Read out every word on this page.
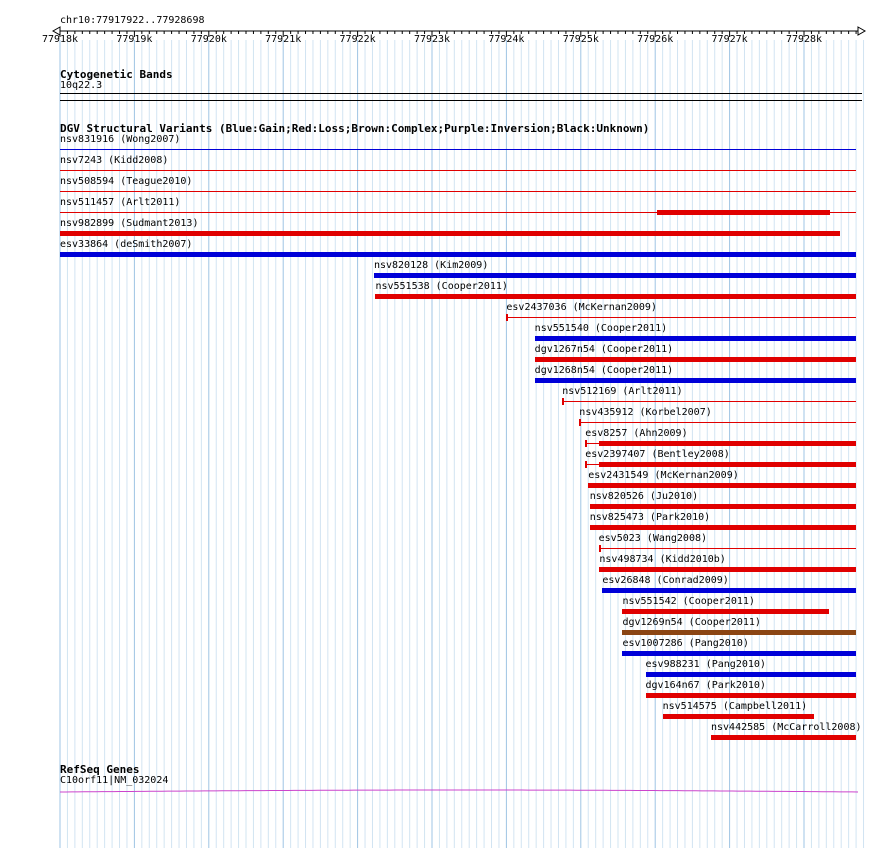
chr10:77917922..77928698
77918k	77919k	77920k	77921k	77922k	77923k	77924k	77925k	77926k	77927k	77928k
Cytogenetic Bands
10q22.3
DGV Structural Variants (Blue:Gain;Red:Loss;Brown:Complex;Purple:Inversion;Black:Unknown)
nsv831916 (Wong2007)
nsv7243 (Kidd2008)
nsv508594 (Teague2010)
nsv511457 (Arlt2011)
nsv982899 (Sudmant2013)
esv33864 (deSmith2007)
nsv820128 (Kim2009)
nsv551538 (Cooper2011)
esv2437036 (McKernan2009)
nsv551540 (Cooper2011)
dgv1267n54 (Cooper2011)
dgv1268n54 (Cooper2011)
nsv512169 (Arlt2011)
nsv435912 (Korbel2007)
esv8257 (Ahn2009)
esv2397407 (Bentley2008)
esv2431549 (McKernan2009)
nsv820526 (Ju2010)
nsv825473 (Park2010)
esv5023 (Wang2008)
nsv498734 (Kidd2010b)
esv26848 (Conrad2009)
nsv551542 (Cooper2011)
dgv1269n54 (Cooper2011)
esv1007286 (Pang2010)
esv988231 (Pang2010)
dgv164n67 (Park2010)
nsv514575 (Campbell2011)
nsv442585 (McCarroll2008)
RefSeq Genes
C10orf11|NM_032024
